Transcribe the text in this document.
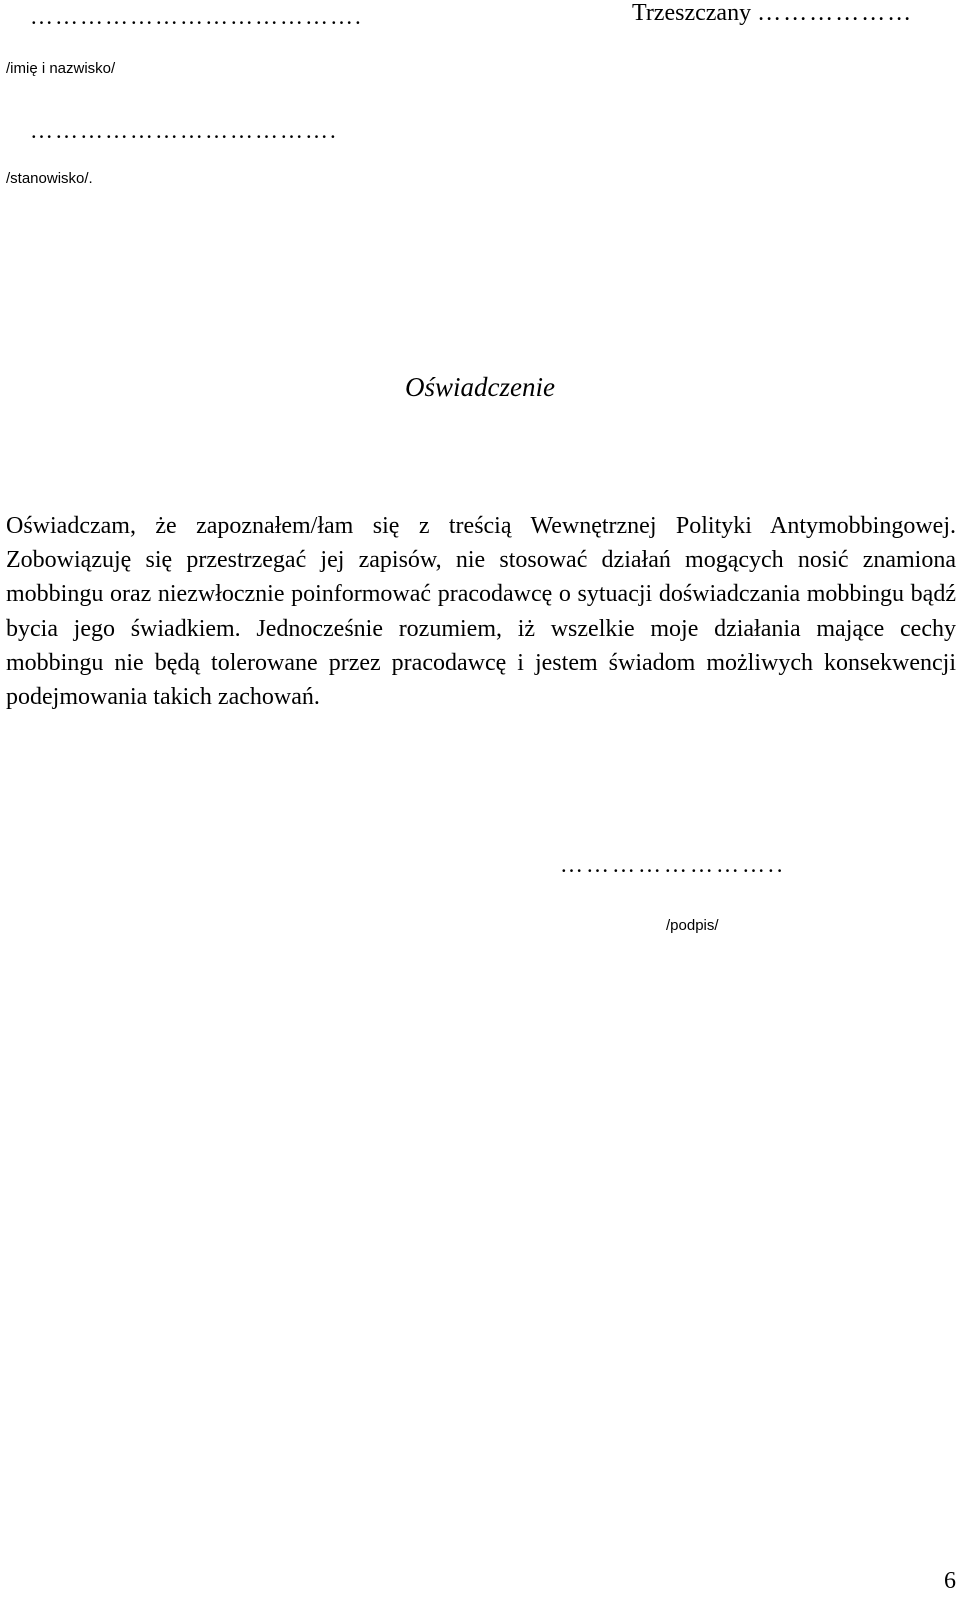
………………………………….	Trzeszczany ………………
/imię i nazwisko/
……………………………….
/stanowisko/.
Oświadczenie

Oświadczam, że zapoznałem/łam się z treścią Wewnętrznej Polityki Antymobbingowej. Zobowiązuję się przestrzegać jej zapisów, nie stosować działań mogących nosić znamiona mobbingu oraz niezwłocznie poinformować pracodawcę o sytuacji doświadczania mobbingu bądź bycia jego świadkiem. Jednocześnie rozumiem, iż wszelkie moje działania mające cechy mobbingu nie będą tolerowane przez pracodawcę i jestem świadom możliwych konsekwencji podejmowania takich zachowań.

……………………..
/podpis/
6
